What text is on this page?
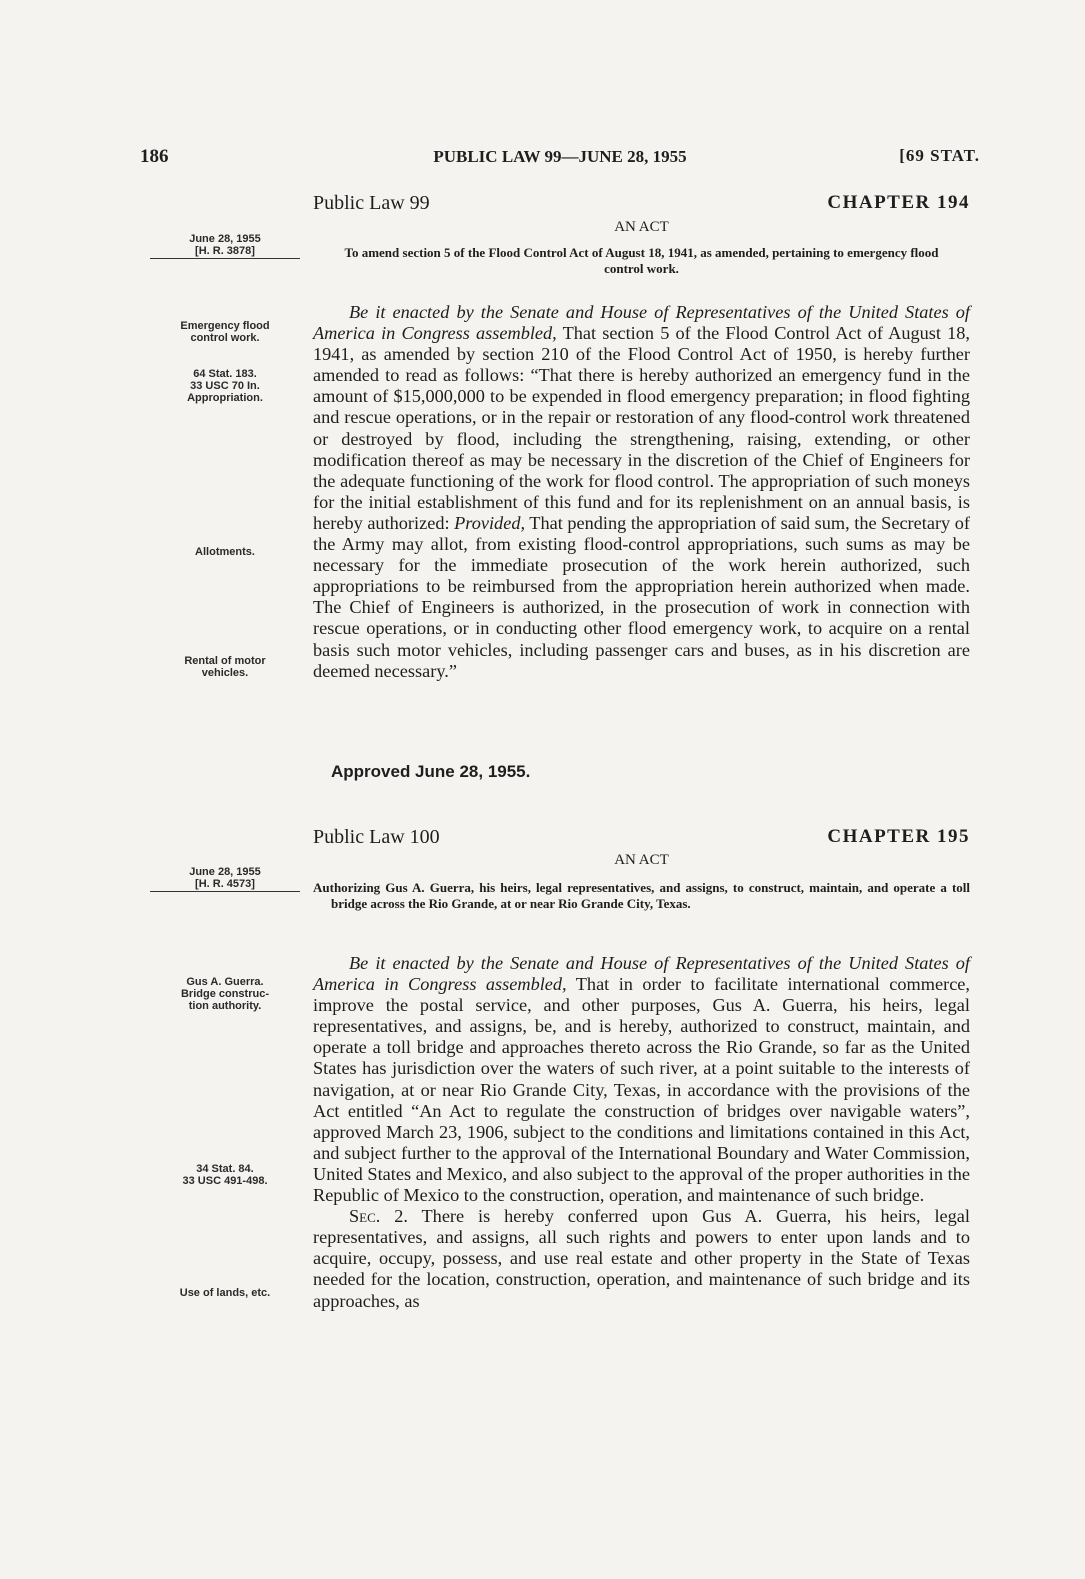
186	PUBLIC LAW 99—JUNE 28, 1955	[69 STAT.
Public Law 99	CHAPTER 194
AN ACT
To amend section 5 of the Flood Control Act of August 18, 1941, as amended, pertaining to emergency flood control work.

Be it enacted by the Senate and House of Representatives of the United States of America in Congress assembled, That section 5 of the Flood Control Act of August 18, 1941, as amended by section 210 of the Flood Control Act of 1950, is hereby further amended to read as follows: “That there is hereby authorized an emergency fund in the amount of $15,000,000 to be expended in flood emergency preparation; in flood fighting and rescue operations, or in the repair or restoration of any flood-control work threatened or destroyed by flood, including the strengthening, raising, extending, or other modification thereof as may be necessary in the discretion of the Chief of Engineers for the adequate functioning of the work for flood control. The appropriation of such moneys for the initial establishment of this fund and for its replenishment on an annual basis, is hereby authorized: Provided, That pending the appropriation of said sum, the Secretary of the Army may allot, from existing flood-control appropriations, such sums as may be necessary for the immediate prosecution of the work herein authorized, such appropriations to be reimbursed from the appropriation herein authorized when made. The Chief of Engineers is authorized, in the prosecution of work in connection with rescue operations, or in conducting other flood emergency work, to acquire on a rental basis such motor vehicles, including passenger cars and buses, as in his discretion are deemed necessary.”

Approved June 28, 1955.
Public Law 100	CHAPTER 195
AN ACT
Authorizing Gus A. Guerra, his heirs, legal representatives, and assigns, to construct, maintain, and operate a toll bridge across the Rio Grande, at or near Rio Grande City, Texas.

Be it enacted by the Senate and House of Representatives of the United States of America in Congress assembled, That in order to facilitate international commerce, improve the postal service, and other purposes, Gus A. Guerra, his heirs, legal representatives, and assigns, be, and is hereby, authorized to construct, maintain, and operate a toll bridge and approaches thereto across the Rio Grande, so far as the United States has jurisdiction over the waters of such river, at a point suitable to the interests of navigation, at or near Rio Grande City, Texas, in accordance with the provisions of the Act entitled “An Act to regulate the construction of bridges over navigable waters”, approved March 23, 1906, subject to the conditions and limitations contained in this Act, and subject further to the approval of the International Boundary and Water Commission, United States and Mexico, and also subject to the approval of the proper authorities in the Republic of Mexico to the construction, operation, and maintenance of such bridge.

Sec. 2. There is hereby conferred upon Gus A. Guerra, his heirs, legal representatives, and assigns, all such rights and powers to enter upon lands and to acquire, occupy, possess, and use real estate and other property in the State of Texas needed for the location, construction, operation, and maintenance of such bridge and its approaches, as

June 28, 1955
[H. R. 3878]
Emergency flood
control work.
64 Stat. 183.
33 USC 70 In.
Appropriation.
Allotments.
Rental of motor
vehicles.
June 28, 1955
[H. R. 4573]
Gus A. Guerra.
Bridge construc-
tion authority.
34 Stat. 84.
33 USC 491-498.
Use of lands, etc.
